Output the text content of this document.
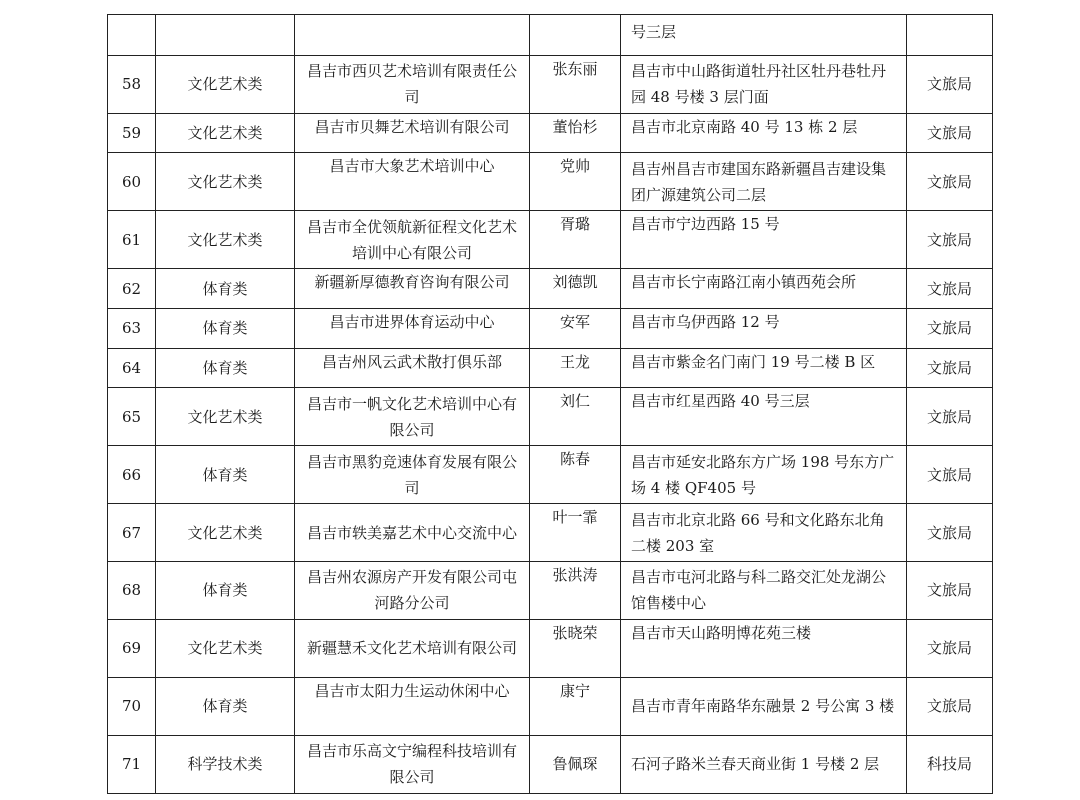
				号三层	

58	文化艺术类	昌吉市西贝艺术培训有限责任公司	张东丽	昌吉市中山路街道牡丹社区牡丹巷牡丹园 48 号楼 3 层门面	文旅局
59	文化艺术类	昌吉市贝舞艺术培训有限公司	董怡杉	昌吉市北京南路 40 号 13 栋 2 层	文旅局
60	文化艺术类	昌吉市大象艺术培训中心	党帅	昌吉州昌吉市建国东路新疆昌吉建设集团广源建筑公司二层	文旅局
61	文化艺术类	昌吉市全优领航新征程文化艺术培训中心有限公司	胥璐	昌吉市宁边西路 15 号	文旅局
62	体育类	新疆新厚德教育咨询有限公司	刘德凯	昌吉市长宁南路江南小镇西苑会所	文旅局
63	体育类	昌吉市进界体育运动中心	安军	昌吉市乌伊西路 12 号	文旅局
64	体育类	昌吉州风云武术散打俱乐部	王龙	昌吉市紫金名门南门 19 号二楼 B 区	文旅局
65	文化艺术类	昌吉市一帆文化艺术培训中心有限公司	刘仁	昌吉市红星西路 40 号三层	文旅局
66	体育类	昌吉市黑豹竞速体育发展有限公司	陈春	昌吉市延安北路东方广场 198 号东方广场 4 楼 QF405 号	文旅局
67	文化艺术类	昌吉市轶美嘉艺术中心交流中心	叶一霏	昌吉市北京北路 66 号和文化路东北角二楼 203 室	文旅局
68	体育类	昌吉州农源房产开发有限公司屯河路分公司	张洪涛	昌吉市屯河北路与科二路交汇处龙湖公馆售楼中心	文旅局
69	文化艺术类	新疆慧禾文化艺术培训有限公司	张晓荣	昌吉市天山路明博花苑三楼	文旅局
70	体育类	昌吉市太阳力生运动休闲中心	康宁	昌吉市青年南路华东融景 2 号公寓 3 楼	文旅局
71	科学技术类	昌吉市乐高文宁编程科技培训有限公司	鲁佩琛	石河子路米兰春天商业街 1 号楼 2 层	科技局
